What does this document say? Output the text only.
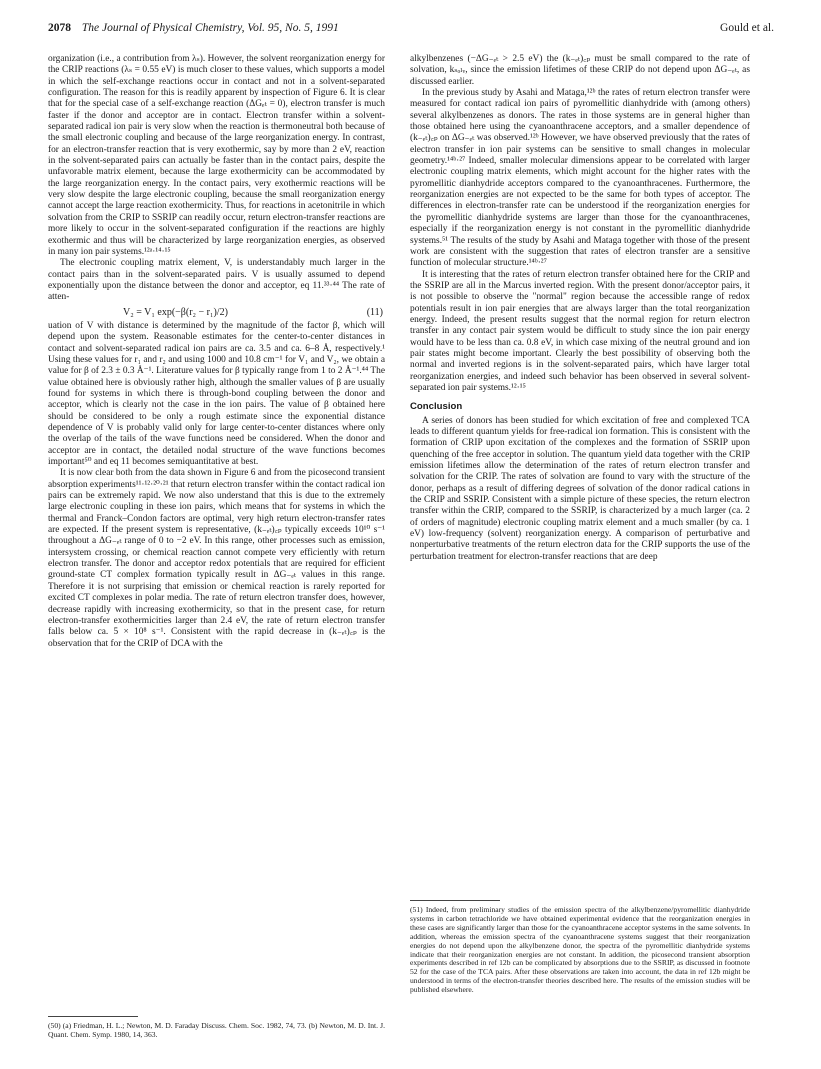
2078 The Journal of Physical Chemistry, Vol. 95, No. 5, 1991	Gould et al.

organization (i.e., a contribution from λₛ). However, the solvent reorganization energy for the CRIP reactions (λₛ = 0.55 eV) is much closer to these values, which supports a model in which the self-exchange reactions occur in contact and not in a solvent-separated configuration. The reason for this is readily apparent by inspection of Figure 6. It is clear that for the special case of a self-exchange reaction (ΔGₑₜ = 0), electron transfer is much faster if the donor and acceptor are in contact. Electron transfer within a solvent-separated radical ion pair is very slow when the reaction is thermoneutral both because of the small electronic coupling and because of the large reorganization energy. In contrast, for an electron-transfer reaction that is very exothermic, say by more than 2 eV, reaction in the solvent-separated pairs can actually be faster than in the contact pairs, despite the unfavorable matrix element, because the large exothermicity can be accommodated by the large reorganization energy. In the contact pairs, very exothermic reactions will be very slow despite the large electronic coupling, because the small reorganization energy cannot accept the large reaction exothermicity. Thus, for reactions in acetonitrile in which solvation from the CRIP to SSRIP can readily occur, return electron-transfer reactions are more likely to occur in the solvent-separated configuration if the reactions are highly exothermic and thus will be characterized by large reorganization energies, as observed in many ion pair systems.¹²ᵃ·¹⁴·¹⁵

The electronic coupling matrix element, V, is understandably much larger in the contact pairs than in the solvent-separated pairs. V is usually assumed to depend exponentially upon the distance between the donor and acceptor, eq 11.³³·⁴⁴ The rate of atten-

V₂ = V₁ exp(−β(r₂ − r₁)/2)	(11)

uation of V with distance is determined by the magnitude of the factor β, which will depend upon the system. Reasonable estimates for the center-to-center distances in contact and solvent-separated radical ion pairs are ca. 3.5 and ca. 6–8 Å, respectively.¹ Using these values for r₁ and r₂ and using 1000 and 10.8 cm⁻¹ for V₁ and V₂, we obtain a value for β of 2.3 ± 0.3 Å⁻¹. Literature values for β typically range from 1 to 2 Å⁻¹.⁴⁴ The value obtained here is obviously rather high, although the smaller values of β are usually found for systems in which there is through-bond coupling between the donor and acceptor, which is clearly not the case in the ion pairs. The value of β obtained here should be considered to be only a rough estimate since the exponential distance dependence of V is probably valid only for large center-to-center distances where only the overlap of the tails of the wave functions need be considered. When the donor and acceptor are in contact, the detailed nodal structure of the wave functions becomes important⁵⁰ and eq 11 becomes semiquantitative at best.

It is now clear both from the data shown in Figure 6 and from the picosecond transient absorption experiments¹¹·¹²·²⁰·²¹ that return electron transfer within the contact radical ion pairs can be extremely rapid. We now also understand that this is due to the extremely large electronic coupling in these ion pairs, which means that for systems in which the thermal and Franck–Condon factors are optimal, very high return electron-transfer rates are expected. If the present system is representative, (k₋ₑₜ)꜀ₚ typically exceeds 10¹⁰ s⁻¹ throughout a ΔG₋ₑₜ range of 0 to −2 eV. In this range, other processes such as emission, intersystem crossing, or chemical reaction cannot compete very efficiently with return electron transfer. The donor and acceptor redox potentials that are required for efficient ground-state CT complex formation typically result in ΔG₋ₑₜ values in this range. Therefore it is not surprising that emission or chemical reaction is rarely reported for excited CT complexes in polar media. The rate of return electron transfer does, however, decrease rapidly with increasing exothermicity, so that in the present case, for return electron-transfer exothermicities larger than 2.4 eV, the rate of return electron transfer falls below ca. 5 × 10⁸ s⁻¹. Consistent with the rapid decrease in (k₋ₑₜ)꜀ₚ is the observation that for the CRIP of DCA with the

(50) (a) Friedman, H. L.; Newton, M. D. Faraday Discuss. Chem. Soc. 1982, 74, 73. (b) Newton, M. D. Int. J. Quant. Chem. Symp. 1980, 14, 363.

alkylbenzenes (−ΔG₋ₑₜ > 2.5 eV) the (k₋ₑₜ)꜀ₚ must be small compared to the rate of solvation, kₛₒₗᵥ, since the emission lifetimes of these CRIP do not depend upon ΔG₋ₑₜ, as discussed earlier.

In the previous study by Asahi and Mataga,¹²ᵇ the rates of return electron transfer were measured for contact radical ion pairs of pyromellitic dianhydride with (among others) several alkylbenzenes as donors. The rates in those systems are in general higher than those obtained here using the cyanoanthracene acceptors, and a smaller dependence of (k₋ₑₜ)꜀ₚ on ΔG₋ₑₜ was observed.¹²ᵇ However, we have observed previously that the rates of electron transfer in ion pair systems can be sensitive to small changes in molecular geometry.¹⁴ᵇ·²⁷ Indeed, smaller molecular dimensions appear to be correlated with larger electronic coupling matrix elements, which might account for the higher rates with the pyromellitic dianhydride acceptors compared to the cyanoanthracenes. Furthermore, the reorganization energies are not expected to be the same for both types of acceptor. The differences in electron-transfer rate can be understood if the reorganization energies for the pyromellitic dianhydride systems are larger than those for the cyanoanthracenes, especially if the reorganization energy is not constant in the pyromellitic dianhydride systems.⁵¹ The results of the study by Asahi and Mataga together with those of the present work are consistent with the suggestion that rates of electron transfer are a sensitive function of molecular structure.¹⁴ᵇ·²⁷

It is interesting that the rates of return electron transfer obtained here for the CRIP and the SSRIP are all in the Marcus inverted region. With the present donor/acceptor pairs, it is not possible to observe the "normal" region because the accessible range of redox potentials result in ion pair energies that are always larger than the total reorganization energy. Indeed, the present results suggest that the normal region for return electron transfer in any contact pair system would be difficult to study since the ion pair energy would have to be less than ca. 0.8 eV, in which case mixing of the neutral ground and ion pair states might become important. Clearly the best possibility of observing both the normal and inverted regions is in the solvent-separated pairs, which have larger total reorganization energies, and indeed such behavior has been observed in several solvent-separated ion pair systems.¹²·¹⁵

Conclusion

A series of donors has been studied for which excitation of free and complexed TCA leads to different quantum yields for free-radical ion formation. This is consistent with the formation of CRIP upon excitation of the complexes and the formation of SSRIP upon quenching of the free acceptor in solution. The quantum yield data together with the CRIP emission lifetimes allow the determination of the rates of return electron transfer and solvation for the CRIP. The rates of solvation are found to vary with the structure of the donor, perhaps as a result of differing degrees of solvation of the donor radical cations in the CRIP and SSRIP. Consistent with a simple picture of these species, the return electron transfer within the CRIP, compared to the SSRIP, is characterized by a much larger (ca. 2 of orders of magnitude) electronic coupling matrix element and a much smaller (by ca. 1 eV) low-frequency (solvent) reorganization energy. A comparison of perturbative and nonperturbative treatments of the return electron data for the CRIP supports the use of the perturbation treatment for electron-transfer reactions that are deep

(51) Indeed, from preliminary studies of the emission spectra of the alkylbenzene/pyromellitic dianhydride systems in carbon tetrachloride we have obtained experimental evidence that the reorganization energies in these cases are significantly larger than those for the cyanoanthracene acceptor systems in the same solvents. In addition, whereas the emission spectra of the cyanoanthracene systems suggest that their reorganization energies do not depend upon the alkylbenzene donor, the spectra of the pyromellitic dianhydride systems indicate that their reorganization energies are not constant. In addition, the picosecond transient absorption experiments described in ref 12b can be complicated by absorptions due to the SSRIP, as discussed in footnote 52 for the case of the TCA pairs. After these observations are taken into account, the data in ref 12b might be understood in terms of the electron-transfer theories described here. The results of the emission studies will be published elsewhere.
